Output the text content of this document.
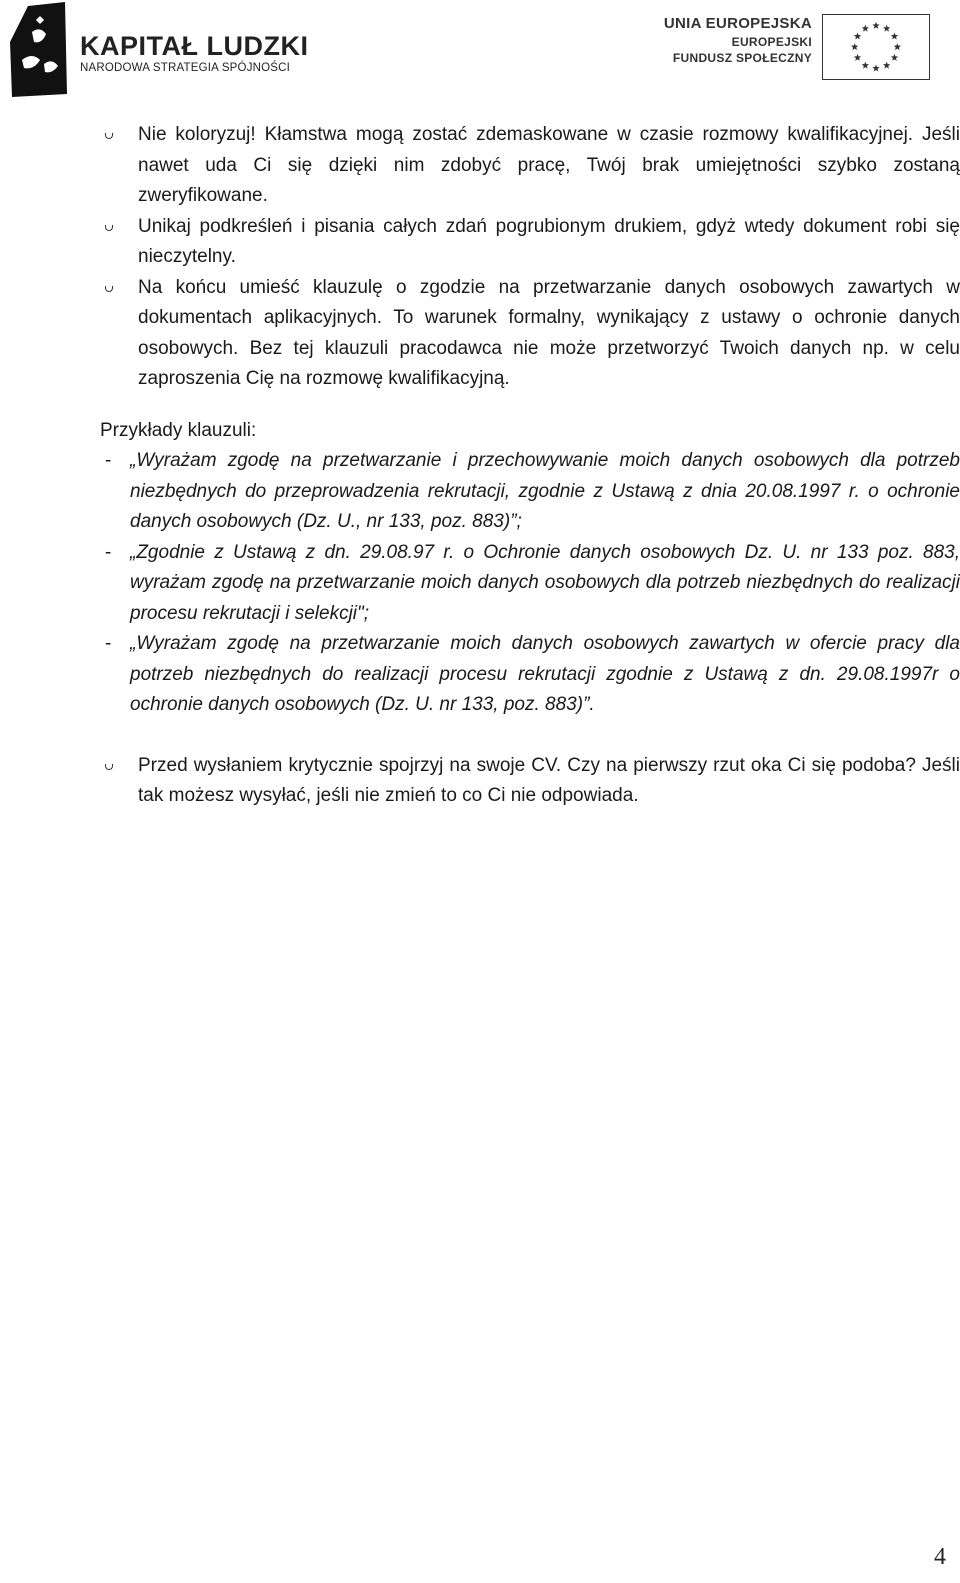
KAPITAŁ LUDZKI
NARODOWA STRATEGIA SPÓJNOŚCI
UNIA EUROPEJSKA
EUROPEJSKI
FUNDUSZ SPOŁECZNY

Nie koloryzuj! Kłamstwa mogą zostać zdemaskowane w czasie rozmowy kwalifikacyjnej. Jeśli nawet uda Ci się dzięki nim zdobyć pracę, Twój brak umiejętności szybko zostaną zweryfikowane.

Unikaj podkreśleń i pisania całych zdań pogrubionym drukiem, gdyż wtedy dokument robi się nieczytelny.

Na końcu umieść klauzulę o zgodzie na przetwarzanie danych osobowych zawartych w dokumentach aplikacyjnych. To warunek formalny, wynikający z ustawy o ochronie danych osobowych. Bez tej klauzuli pracodawca nie może przetworzyć Twoich danych np. w celu zaproszenia Cię na rozmowę kwalifikacyjną.

Przykłady klauzuli:

- „Wyrażam zgodę na przetwarzanie i przechowywanie moich danych osobowych dla potrzeb niezbędnych do przeprowadzenia rekrutacji, zgodnie z Ustawą z dnia 20.08.1997 r. o ochronie danych osobowych (Dz. U., nr 133, poz. 883)”;
- „Zgodnie z Ustawą z dn. 29.08.97 r. o Ochronie danych osobowych Dz. U. nr 133 poz. 883, wyrażam zgodę na przetwarzanie moich danych osobowych dla potrzeb niezbędnych do realizacji procesu rekrutacji i selekcji";
- „Wyrażam zgodę na przetwarzanie moich danych osobowych zawartych w ofercie pracy dla potrzeb niezbędnych do realizacji procesu rekrutacji zgodnie z Ustawą z dn. 29.08.1997r o ochronie danych osobowych (Dz. U. nr 133, poz. 883)”.

Przed wysłaniem krytycznie spojrzyj na swoje CV. Czy na pierwszy rzut oka Ci się podoba? Jeśli tak możesz wysyłać, jeśli nie zmień to co Ci nie odpowiada.

4
